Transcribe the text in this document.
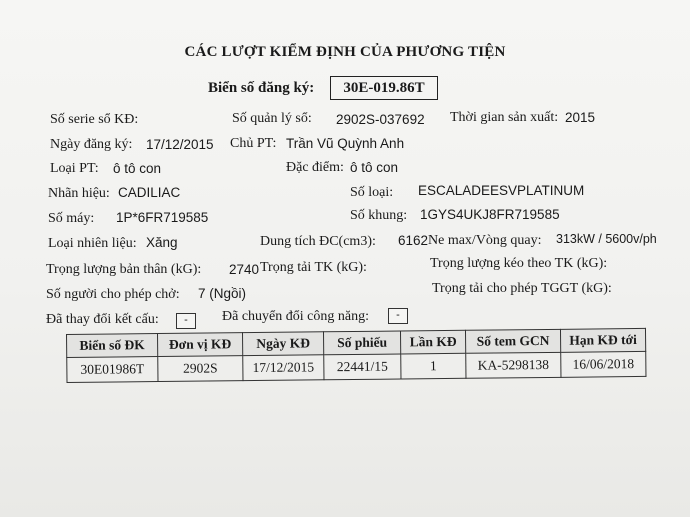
CÁC LƯỢT KIỂM ĐỊNH CỦA PHƯƠNG TIỆN
Biển số đăng ký:	30E-019.86T
Số serie sổ KĐ:	Số quản lý sổ: 2902S-037692 Thời gian sản xuất: 2015
Ngày đăng ký: 17/12/2015 Chủ PT: Trần Vũ Quỳnh Anh
Loại PT: ô tô con	Đặc điểm: ô tô con
Nhãn hiệu: CADILIAC	Số loại: ESCALADEESVPLATINUM
Số máy: 1P*6FR719585	Số khung: 1GYS4UKJ8FR719585
Loại nhiên liệu: Xăng	Dung tích ĐC(cm3): 6162 Ne max/Vòng quay: 313kW / 5600v/ph
Trọng lượng bản thân (kG): 2740 Trọng tải TK (kG):	Trọng lượng kéo theo TK (kG):
Số người cho phép chở: 7 (Ngồi)	Trọng tải cho phép TGGT (kG):
Đã thay đổi kết cấu:	-	Đã chuyển đổi công năng:	-
Biển số ĐK	Đơn vị KĐ	Ngày KĐ	Số phiếu	Lần KĐ	Số tem GCN	Hạn KĐ tới
30E01986T	2902S	17/12/2015	22441/15	1	KA-5298138	16/06/2018
